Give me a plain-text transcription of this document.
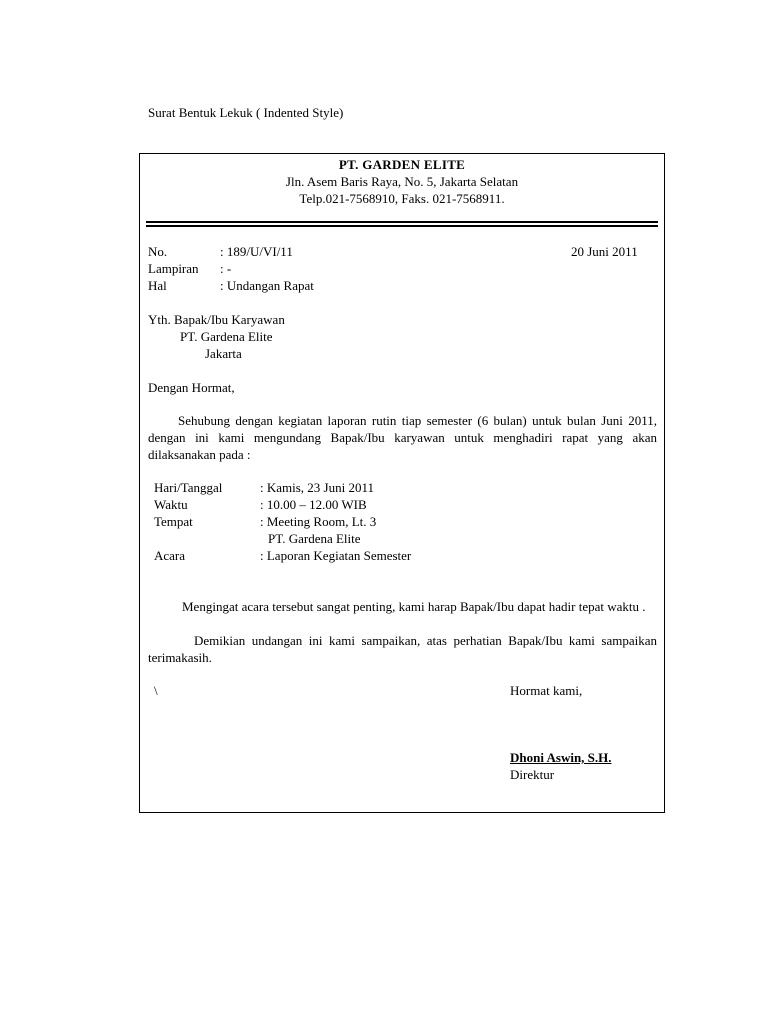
Surat Bentuk Lekuk ( Indented Style)
PT. GARDEN ELITE
Jln. Asem Baris Raya, No. 5, Jakarta Selatan
Telp.021-7568910, Faks. 021-7568911.
No.	: 189/U/VI/11	20 Juni 2011
Lampiran : -
Hal	: Undangan Rapat
Yth. Bapak/Ibu Karyawan
PT. Gardena Elite
Jakarta
Dengan Hormat,
Sehubung dengan kegiatan laporan rutin tiap semester (6 bulan) untuk bulan Juni 2011, dengan ini kami mengundang Bapak/Ibu karyawan untuk menghadiri rapat yang akan dilaksanakan pada :
Hari/Tanggal	: Kamis, 23 Juni 2011
Waktu	: 10.00 – 12.00 WIB
Tempat	: Meeting Room, Lt. 3
PT. Gardena Elite
Acara	: Laporan Kegiatan Semester
Mengingat acara tersebut sangat penting, kami harap Bapak/Ibu dapat hadir tepat waktu .
Demikian undangan ini kami sampaikan, atas perhatian Bapak/Ibu kami sampaikan terimakasih.
\	Hormat kami,
Dhoni Aswin, S.H.
Direktur
